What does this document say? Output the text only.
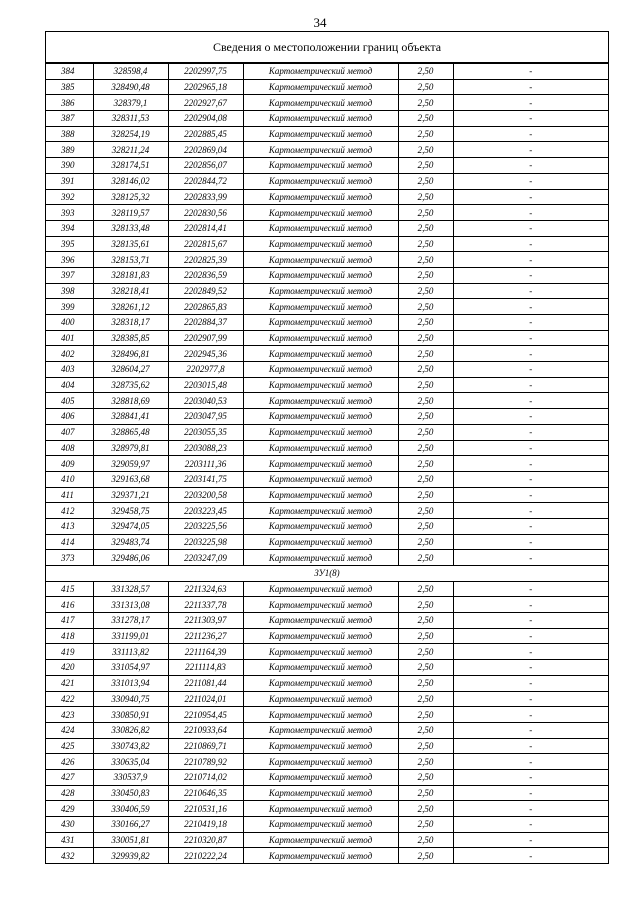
34
Сведения о местоположении границ объекта
384	328598,4	2202997,75	Картометрический метод	2,50	-
385	328490,48	2202965,18	Картометрический метод	2,50	-
386	328379,1	2202927,67	Картометрический метод	2,50	-
387	328311,53	2202904,08	Картометрический метод	2,50	-
388	328254,19	2202885,45	Картометрический метод	2,50	-
389	328211,24	2202869,04	Картометрический метод	2,50	-
390	328174,51	2202856,07	Картометрический метод	2,50	-
391	328146,02	2202844,72	Картометрический метод	2,50	-
392	328125,32	2202833,99	Картометрический метод	2,50	-
393	328119,57	2202830,56	Картометрический метод	2,50	-
394	328133,48	2202814,41	Картометрический метод	2,50	-
395	328135,61	2202815,67	Картометрический метод	2,50	-
396	328153,71	2202825,39	Картометрический метод	2,50	-
397	328181,83	2202836,59	Картометрический метод	2,50	-
398	328218,41	2202849,52	Картометрический метод	2,50	-
399	328261,12	2202865,83	Картометрический метод	2,50	-
400	328318,17	2202884,37	Картометрический метод	2,50	-
401	328385,85	2202907,99	Картометрический метод	2,50	-
402	328496,81	2202945,36	Картометрический метод	2,50	-
403	328604,27	2202977,8	Картометрический метод	2,50	-
404	328735,62	2203015,48	Картометрический метод	2,50	-
405	328818,69	2203040,53	Картометрический метод	2,50	-
406	328841,41	2203047,95	Картометрический метод	2,50	-
407	328865,48	2203055,35	Картометрический метод	2,50	-
408	328979,81	2203088,23	Картометрический метод	2,50	-
409	329059,97	2203111,36	Картометрический метод	2,50	-
410	329163,68	2203141,75	Картометрический метод	2,50	-
411	329371,21	2203200,58	Картометрический метод	2,50	-
412	329458,75	2203223,45	Картометрический метод	2,50	-
413	329474,05	2203225,56	Картометрический метод	2,50	-
414	329483,74	2203225,98	Картометрический метод	2,50	-
373	329486,06	2203247,09	Картометрический метод	2,50	-
ЗУ1(8)					
415	331328,57	2211324,63	Картометрический метод	2,50	-
416	331313,08	2211337,78	Картометрический метод	2,50	-
417	331278,17	2211303,97	Картометрический метод	2,50	-
418	331199,01	2211236,27	Картометрический метод	2,50	-
419	331113,82	2211164,39	Картометрический метод	2,50	-
420	331054,97	2211114,83	Картометрический метод	2,50	-
421	331013,94	2211081,44	Картометрический метод	2,50	-
422	330940,75	2211024,01	Картометрический метод	2,50	-
423	330850,91	2210954,45	Картометрический метод	2,50	-
424	330826,82	2210933,64	Картометрический метод	2,50	-
425	330743,82	2210869,71	Картометрический метод	2,50	-
426	330635,04	2210789,92	Картометрический метод	2,50	-
427	330537,9	2210714,02	Картометрический метод	2,50	-
428	330450,83	2210646,35	Картометрический метод	2,50	-
429	330406,59	2210531,16	Картометрический метод	2,50	-
430	330166,27	2210419,18	Картометрический метод	2,50	-
431	330051,81	2210320,87	Картометрический метод	2,50	-
432	329939,82	2210222,24	Картометрический метод	2,50	-
